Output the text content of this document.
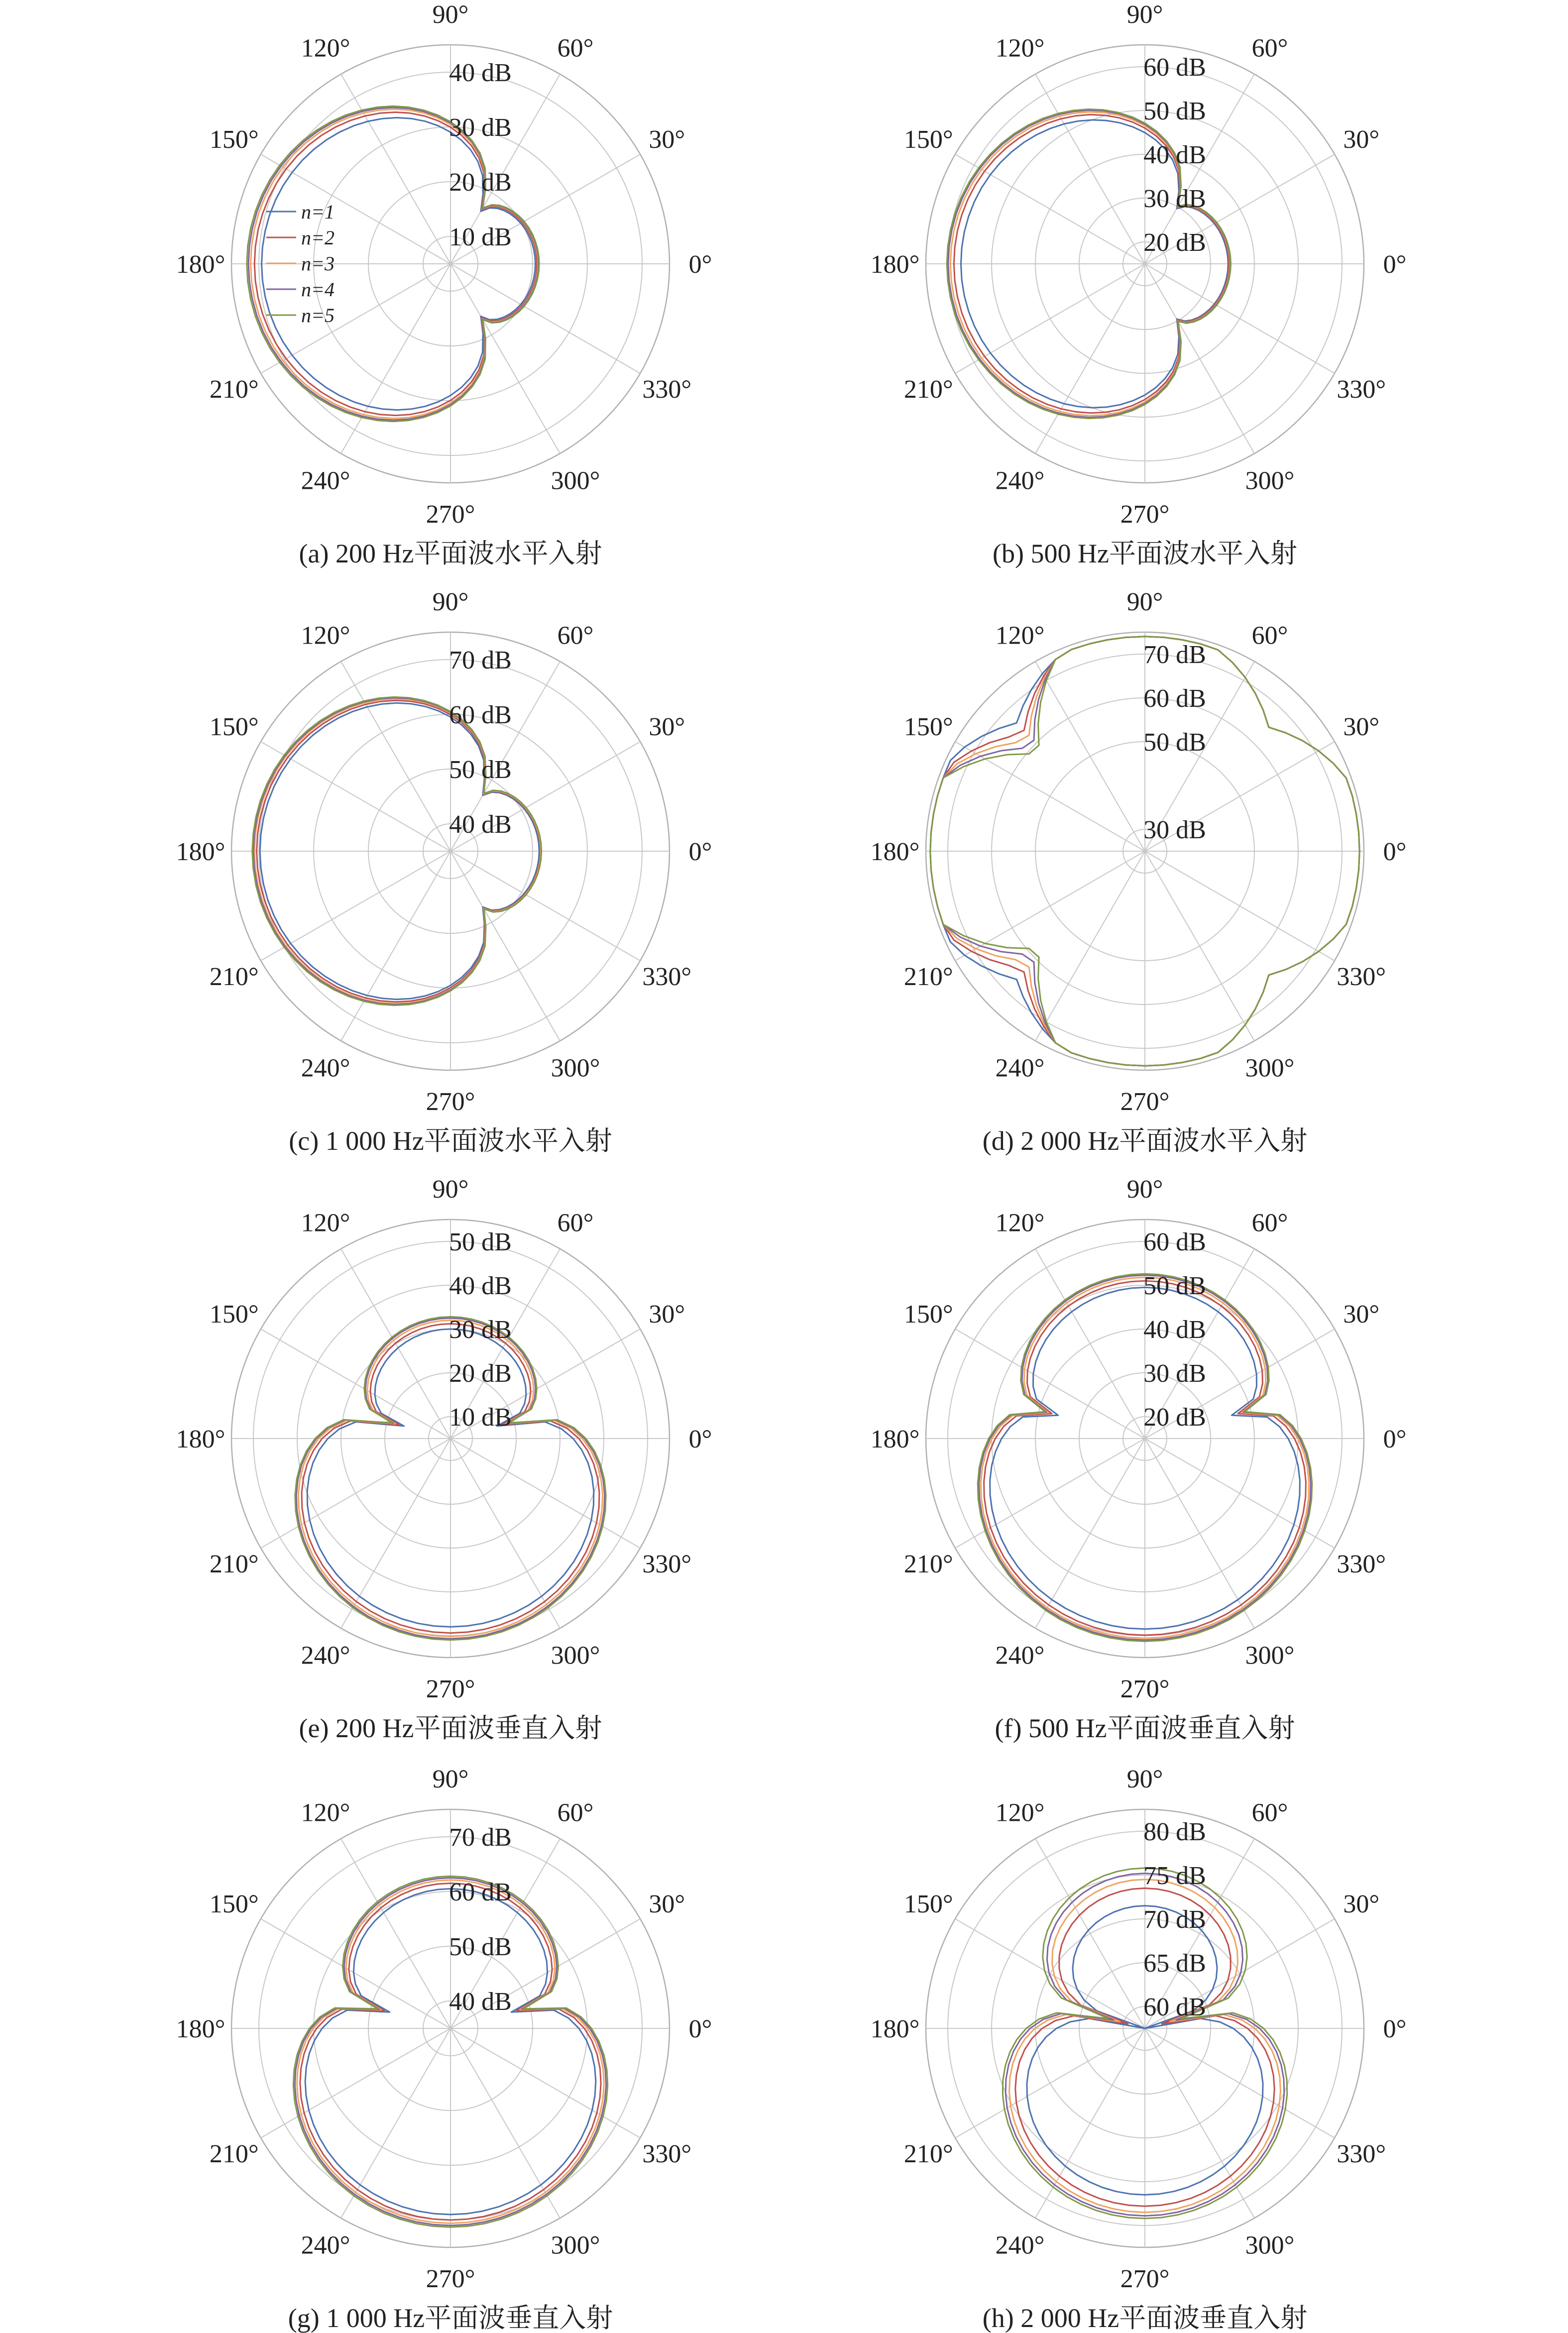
0°
30°
60°
90°
120°
150°
180°
210°
240°
270°
300°
330°
10 dB
20 dB
30 dB
40 dB
(a) 200 Hz平面波水平入射
n=1
n=2
n=3
n=4
n=5
0°
30°
60°
90°
120°
150°
180°
210°
240°
270°
300°
330°
20 dB
30 dB
40 dB
50 dB
60 dB
(b) 500 Hz平面波水平入射
0°
30°
60°
90°
120°
150°
180°
210°
240°
270°
300°
330°
40 dB
50 dB
60 dB
70 dB
(c) 1 000 Hz平面波水平入射
0°
30°
60°
90°
120°
150°
180°
210°
240°
270°
300°
330°
30 dB
50 dB
60 dB
70 dB
(d) 2 000 Hz平面波水平入射
0°
30°
60°
90°
120°
150°
180°
210°
240°
270°
300°
330°
10 dB
20 dB
30 dB
40 dB
50 dB
(e) 200 Hz平面波垂直入射
0°
30°
60°
90°
120°
150°
180°
210°
240°
270°
300°
330°
20 dB
30 dB
40 dB
50 dB
60 dB
(f) 500 Hz平面波垂直入射
0°
30°
60°
90°
120°
150°
180°
210°
240°
270°
300°
330°
40 dB
50 dB
60 dB
70 dB
(g) 1 000 Hz平面波垂直入射
0°
30°
60°
90°
120°
150°
180°
210°
240°
270°
300°
330°
60 dB
65 dB
70 dB
75 dB
80 dB
(h) 2 000 Hz平面波垂直入射
